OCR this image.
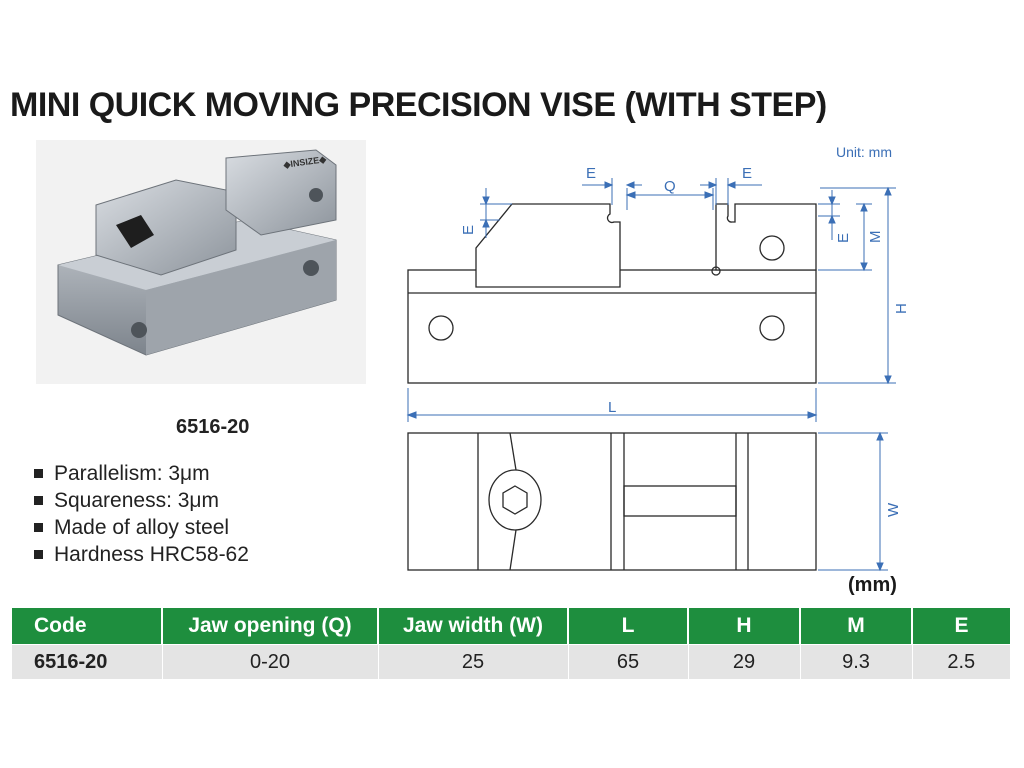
MINI QUICK MOVING PRECISION VISE (WITH STEP)
◆INSIZE◆
6516-20
Parallelism: 3μm
Squareness: 3μm
Made of alloy steel
Hardness HRC58-62
Unit: mm
E
Q
E
E
E M
H
L
W
(mm)
Code	Jaw opening (Q)	Jaw width (W)	L	H	M	E
6516-20	0-20	25	65	29	9.3	2.5
